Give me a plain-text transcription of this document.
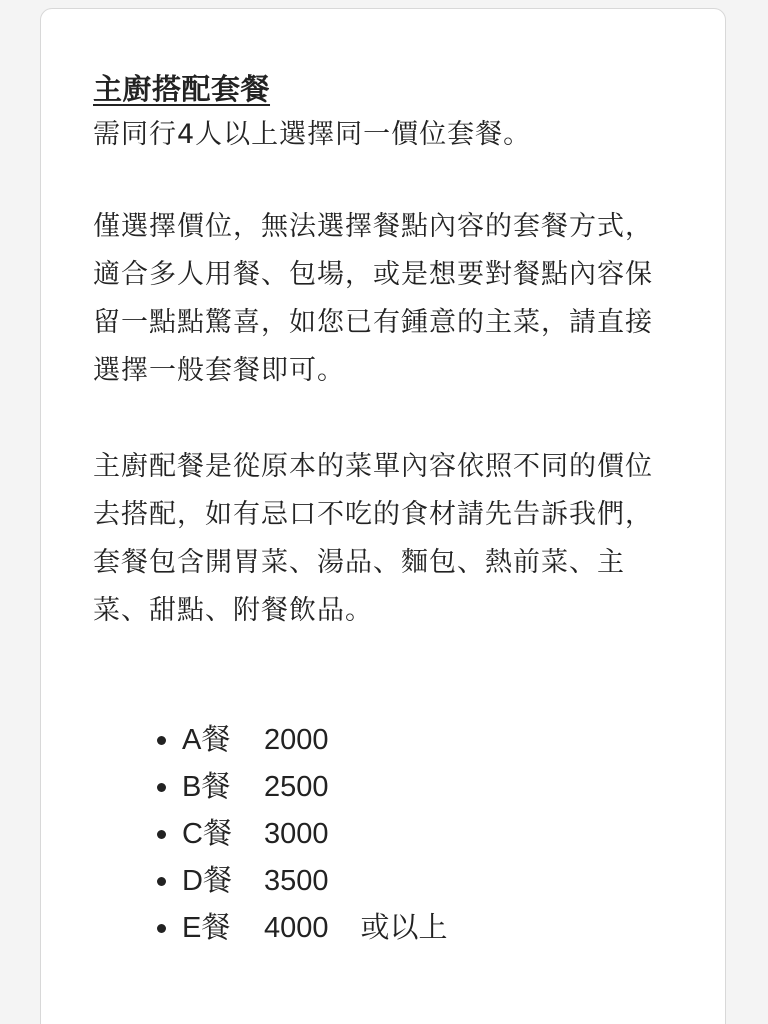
主廚搭配套餐

需同行4人以上選擇同一價位套餐。

僅選擇價位，無法選擇餐點內容的套餐方式，適合多人用餐、包場，或是想要對餐點內容保留一點點驚喜，如您已有鍾意的主菜，請直接選擇一般套餐即可。

主廚配餐是從原本的菜單內容依照不同的價位去搭配，如有忌口不吃的食材請先告訴我們，套餐包含開胃菜、湯品、麵包、熱前菜、主菜、甜點、附餐飲品。

A餐	2000
B餐	2500
C餐	3000
D餐	3500
E餐	4000 或以上
